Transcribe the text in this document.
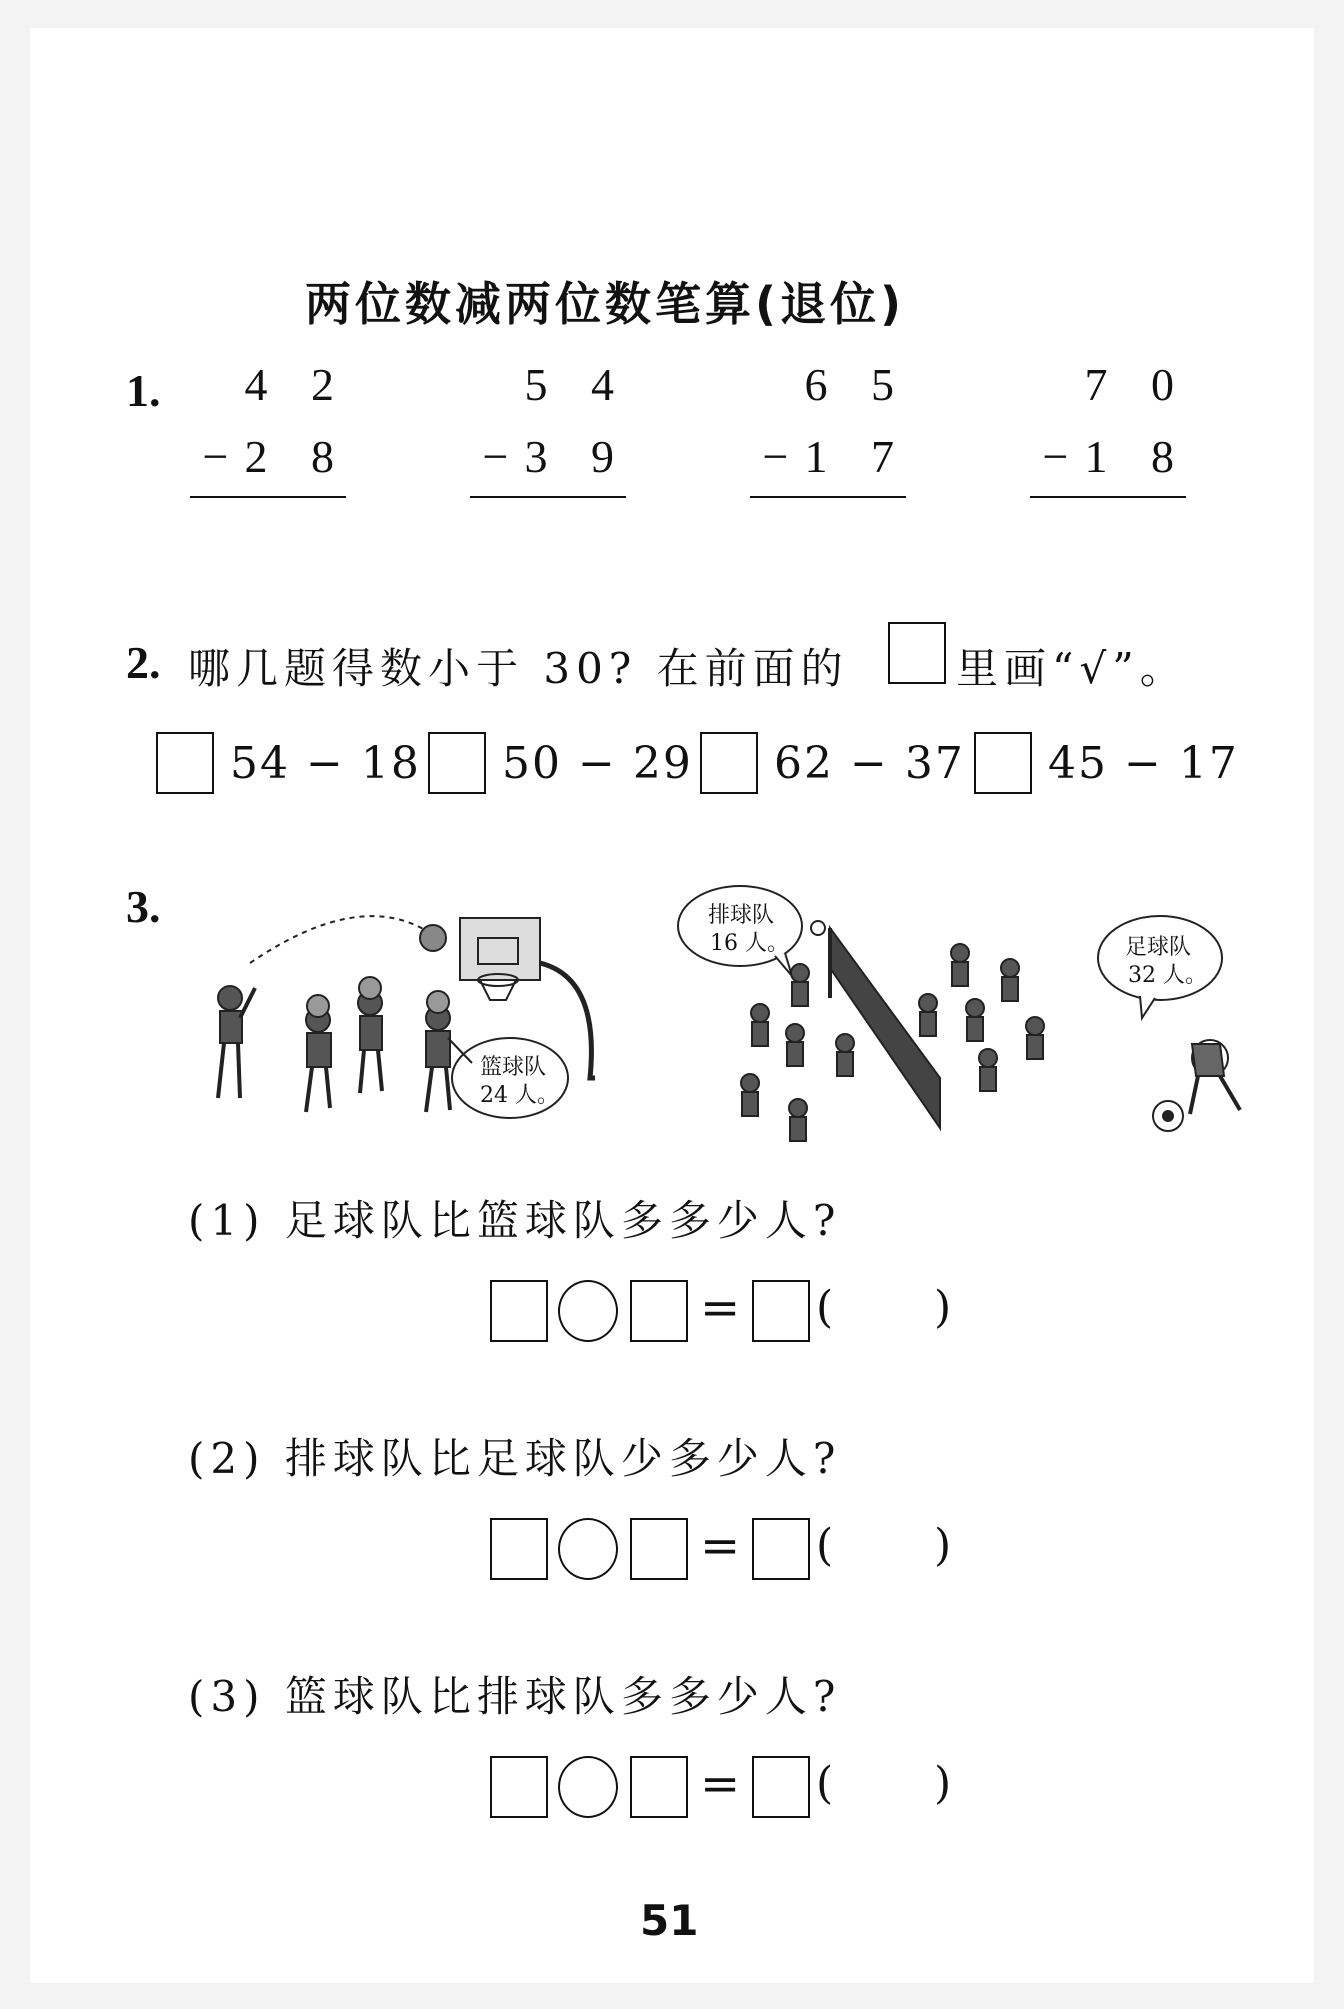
两位数减两位数笔算(退位)
1.	4 2
−2 8
5 4
−3 9
6 5
−1 7
7 0
−1 8
2. 哪几题得数小于 30? 在前面的	里画“√”。
54 − 18 50 − 29 62 − 37 45 − 17
3.
篮球队
24 人。
排球队
16 人。	足球队
32 人。
(1) 足球队比篮球队多多少人?
= ( )
(2) 排球队比足球队少多少人?
= ( )
(3) 篮球队比排球队多多少人?
= ( )
51
